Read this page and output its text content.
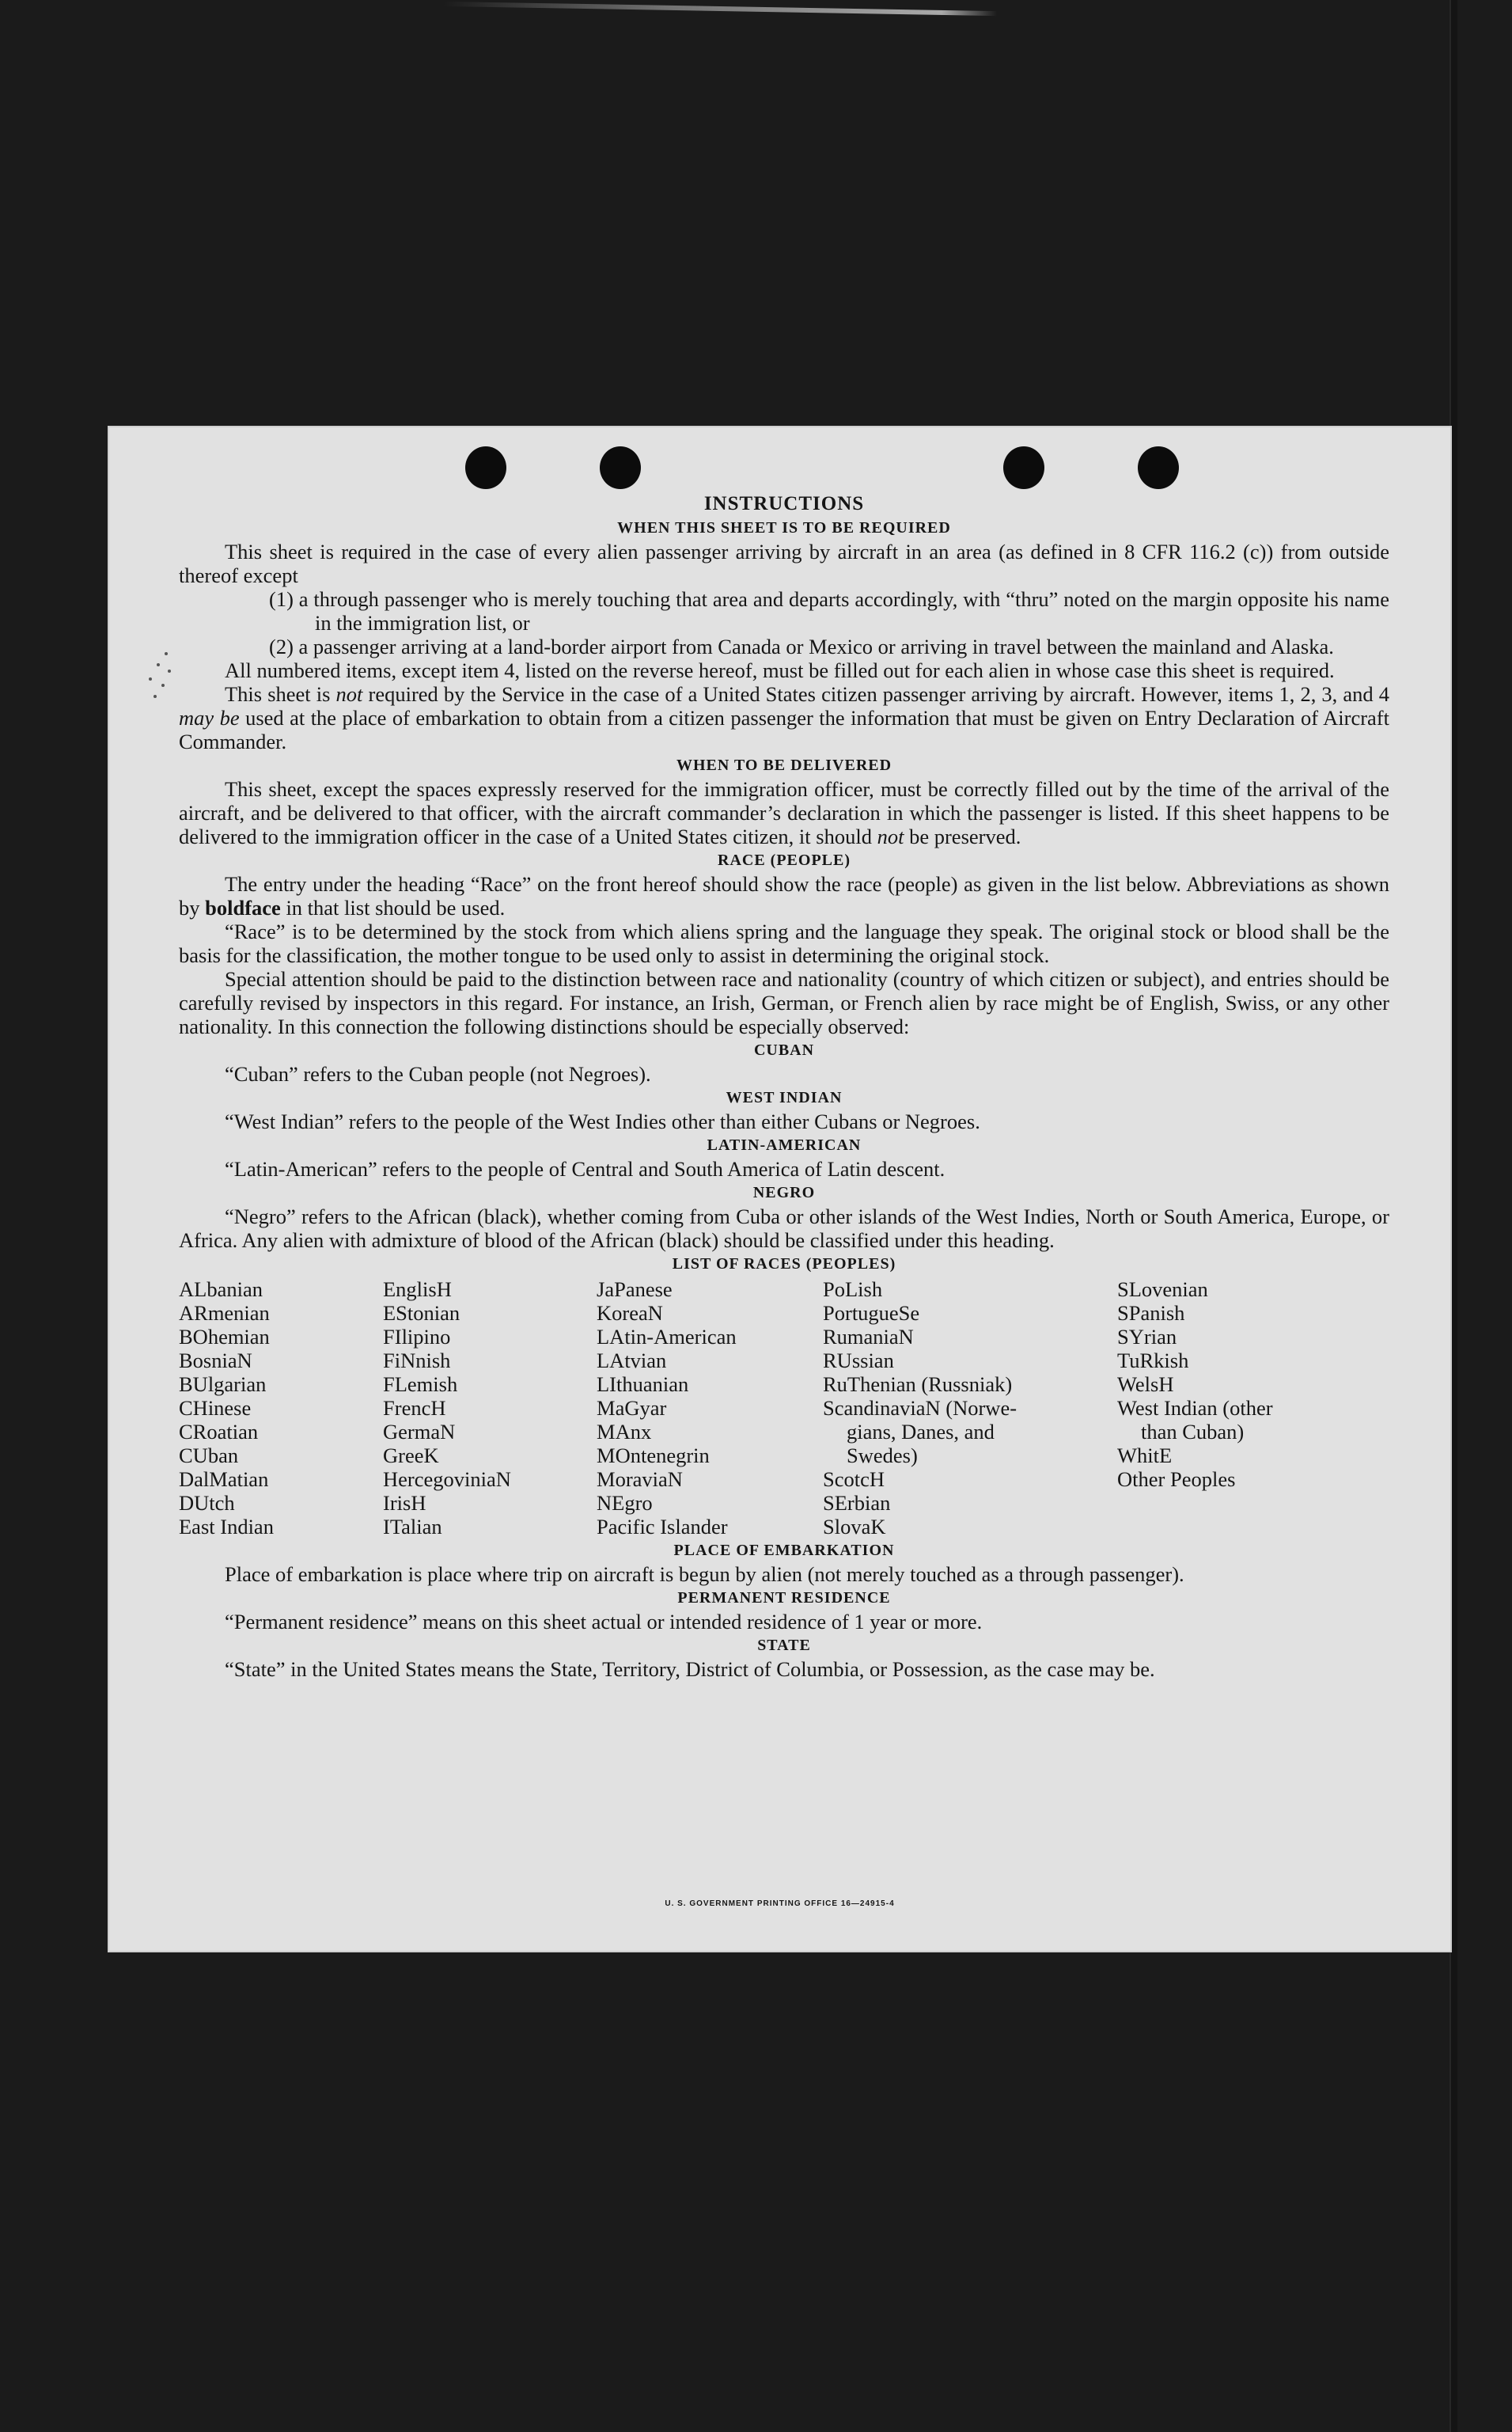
INSTRUCTIONS

WHEN THIS SHEET IS TO BE REQUIRED

This sheet is required in the case of every alien passenger arriving by aircraft in an area (as defined in 8 CFR 116.2 (c)) from outside thereof except

(1) a through passenger who is merely touching that area and departs accordingly, with “thru” noted on the margin opposite his name in the immigration list, or

(2) a passenger arriving at a land-border airport from Canada or Mexico or arriving in travel between the mainland and Alaska.

All numbered items, except item 4, listed on the reverse hereof, must be filled out for each alien in whose case this sheet is required.

This sheet is not required by the Service in the case of a United States citizen passenger arriving by aircraft. However, items 1, 2, 3, and 4 may be used at the place of embarkation to obtain from a citizen passenger the information that must be given on Entry Declaration of Aircraft Commander.

WHEN TO BE DELIVERED

This sheet, except the spaces expressly reserved for the immigration officer, must be correctly filled out by the time of the arrival of the aircraft, and be delivered to that officer, with the aircraft commander’s declaration in which the passenger is listed. If this sheet happens to be delivered to the immigration officer in the case of a United States citizen, it should not be preserved.

RACE (PEOPLE)

The entry under the heading “Race” on the front hereof should show the race (people) as given in the list below. Abbreviations as shown by boldface in that list should be used.

“Race” is to be determined by the stock from which aliens spring and the language they speak. The original stock or blood shall be the basis for the classification, the mother tongue to be used only to assist in determining the original stock.

Special attention should be paid to the distinction between race and nationality (country of which citizen or subject), and entries should be carefully revised by inspectors in this regard. For instance, an Irish, German, or French alien by race might be of English, Swiss, or any other nationality. In this connection the following distinctions should be especially observed:

CUBAN

“Cuban” refers to the Cuban people (not Negroes).

WEST INDIAN

“West Indian” refers to the people of the West Indies other than either Cubans or Negroes.

LATIN-AMERICAN

“Latin-American” refers to the people of Central and South America of Latin descent.

NEGRO

“Negro” refers to the African (black), whether coming from Cuba or other islands of the West Indies, North or South America, Europe, or Africa. Any alien with admixture of blood of the African (black) should be classified under this heading.

LIST OF RACES (PEOPLES)

ALbanian
ARmenian
BOhemian
BosniaN
BUlgarian
CHinese
CRoatian
CUban
DalMatian
DUtch
East Indian
EnglisH
EStonian
FIlipino
FiNnish
FLemish
FrencH
GermaN
GreeK
HercegoviniaN
IrisH
ITalian
JaPanese
KoreaN
LAtin-American
LAtvian
LIthuanian
MaGyar
MAnx
MOntenegrin
MoraviaN
NEgro
Pacific Islander
PoLish
PortugueSe
RumaniaN
RUssian
RuThenian (Russniak)
ScandinaviaN (Norwe-
gians, Danes, and
Swedes)
ScotcH
SErbian
SlovaK
SLovenian
SPanish
SYrian
TuRkish
WelsH
West Indian (other
than Cuban)
WhitE
Other Peoples

PLACE OF EMBARKATION

Place of embarkation is place where trip on aircraft is begun by alien (not merely touched as a through passenger).

PERMANENT RESIDENCE

“Permanent residence” means on this sheet actual or intended residence of 1 year or more.

STATE

“State” in the United States means the State, Territory, District of Columbia, or Possession, as the case may be.

U. S. GOVERNMENT PRINTING OFFICE 16—24915-4
